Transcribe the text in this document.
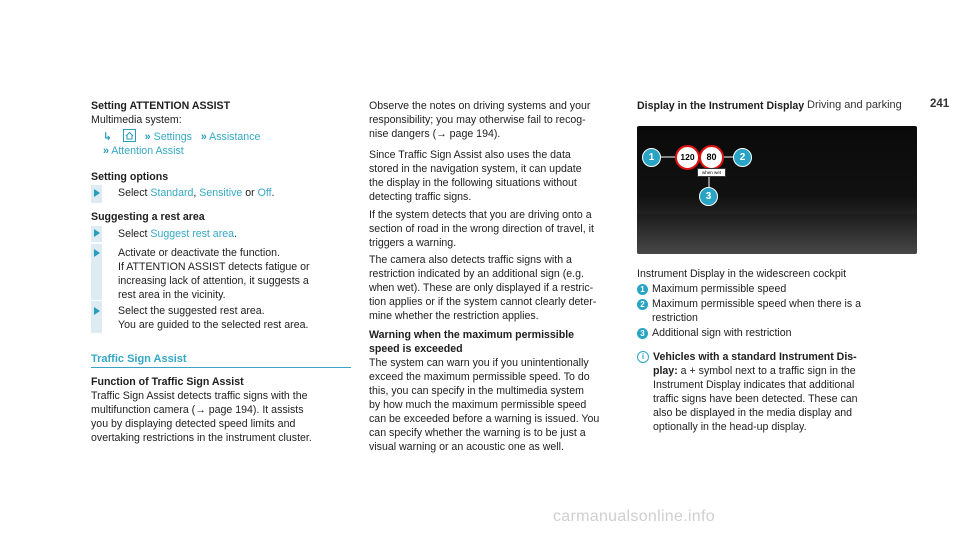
Driving and parking 241
Setting ATTENTION ASSIST
Multimedia system:
↳	» Settings » Assistance
» Attention Assist
Setting options
Select Standard, Sensitive or Off.
Suggesting a rest area
Select Suggest rest area.
Activate or deactivate the function.
If ATTENTION ASSIST detects fatigue or
increasing lack of attention, it suggests a
rest area in the vicinity.
Select the suggested rest area.
You are guided to the selected rest area.
Traffic Sign Assist
Function of Traffic Sign Assist
Traffic Sign Assist detects traffic signs with the
multifunction camera (→ page 194). It assists
you by displaying detected speed limits and
overtaking restrictions in the instrument cluster.
Observe the notes on driving systems and your
responsibility; you may otherwise fail to recog-
nise dangers (→ page 194).
Since Traffic Sign Assist also uses the data
stored in the navigation system, it can update
the display in the following situations without
detecting traffic signs.
If the system detects that you are driving onto a
section of road in the wrong direction of travel, it
triggers a warning.
The camera also detects traffic signs with a
restriction indicated by an additional sign (e.g.
when wet). These are only displayed if a restric-
tion applies or if the system cannot clearly deter-
mine whether the restriction applies.
Warning when the maximum permissible
speed is exceeded
The system can warn you if you unintentionally
exceed the maximum permissible speed. To do
this, you can specify in the multimedia system
by how much the maximum permissible speed
can be exceeded before a warning is issued. You
can specify whether the warning is to be just a
visual warning or an acoustic one as well.
Display in the Instrument Display
1	120	80
when wet
2
3
Instrument Display in the widescreen cockpit
1 Maximum permissible speed
2 Maximum permissible speed when there is a
restriction
3 Additional sign with restriction
i Vehicles with a standard Instrument Dis-
play: a + symbol next to a traffic sign in the
Instrument Display indicates that additional
traffic signs have been detected. These can
also be displayed in the media display and
optionally in the head-up display.
carmanualsonline.info
